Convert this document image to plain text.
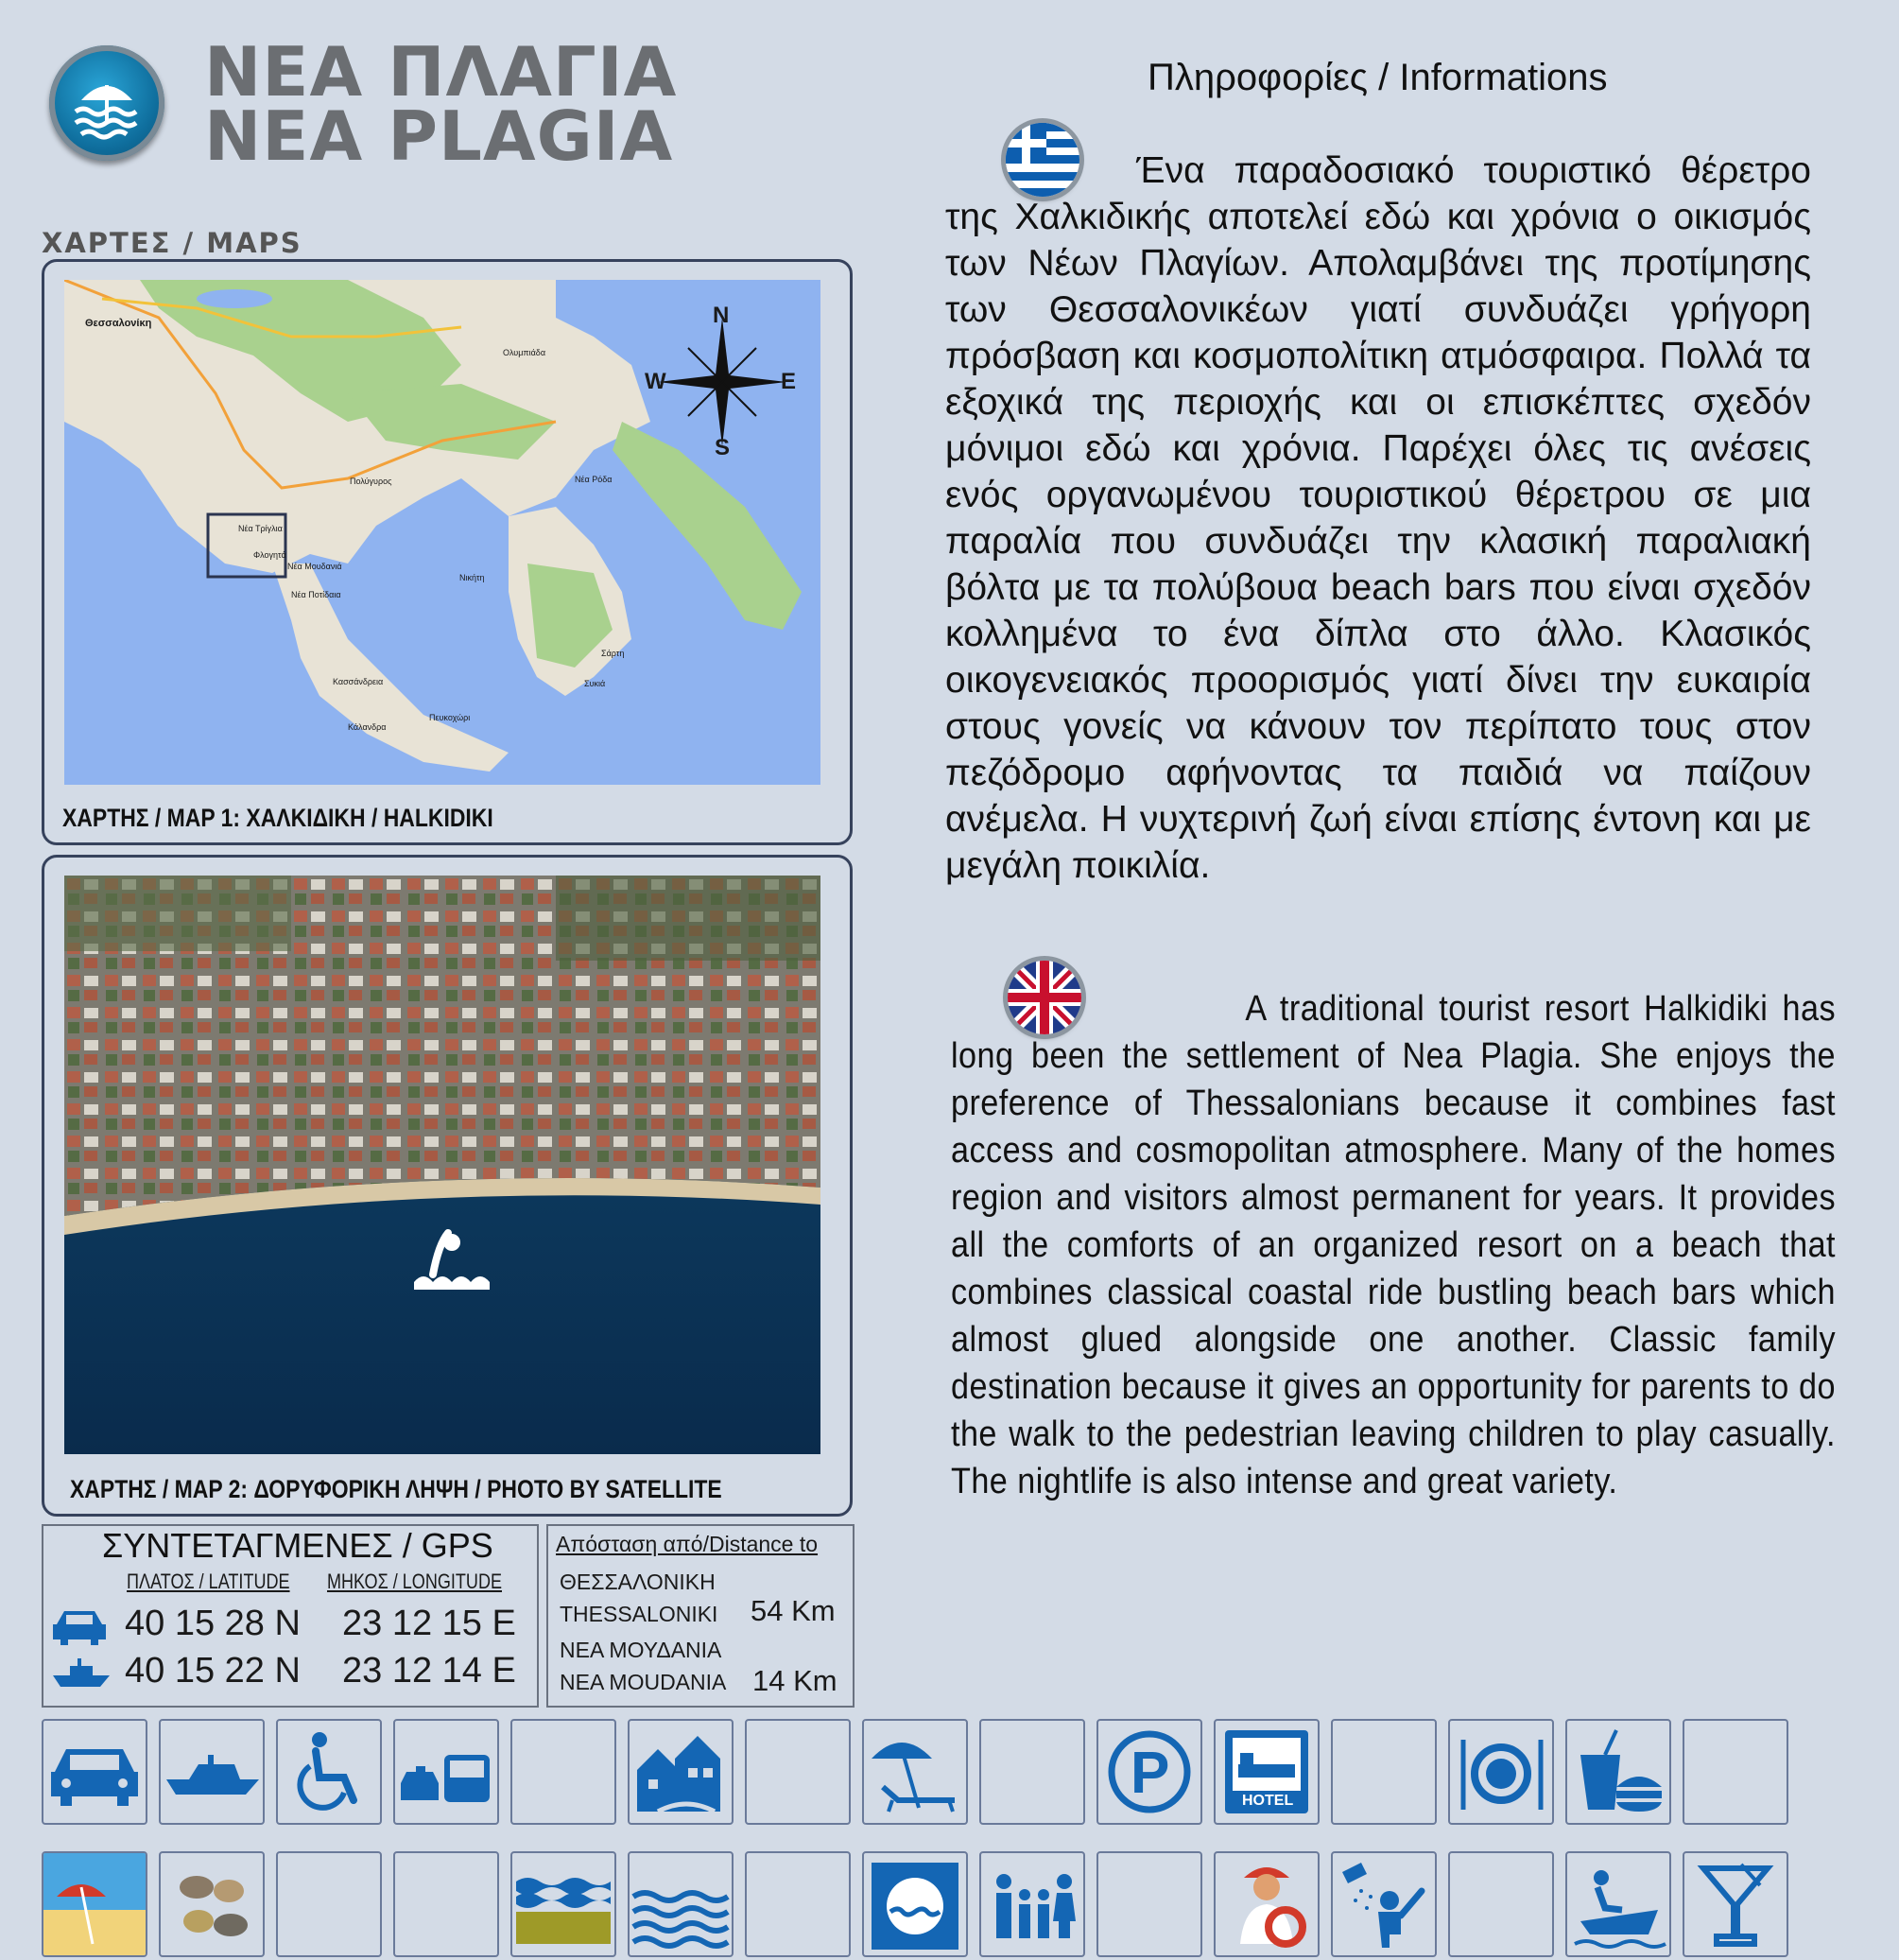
ΝΕΑ ΠΛΑΓΙΑ
NEA PLAGIA
ΧΑΡΤΕΣ / MAPS
N
S
W	E
Θεσσαλονίκη
Νέα Μουδανιά
Νέα Τρίγλια
Φλογητά
Νέα Ποτίδαια
Κασσάνδρεια
Ολυμπιάδα
Νέα Ρόδα
Σάρτη
Νικήτη
Συκιά
Πολύγυρος
Κάλανδρα
Πευκοχώρι
ΧΑΡΤΗΣ / MAP 1: ΧΑΛΚΙΔΙΚΗ / HALKIDIKI
ΧΑΡΤΗΣ / MAP 2: ΔΟΡΥΦΟΡΙΚΗ ΛΗΨΗ / PHOTO BY SATELLITE
ΣΥΝΤΕΤΑΓΜΕΝΕΣ / GPS
ΠΛΑΤΟΣ / LATITUDE ΜΗΚΟΣ / LONGITUDE
40 15 28 N 23 12 15 E
40 15 22 N 23 12 14 E
Απόσταση από/Distance to
ΘΕΣΣΑΛΟΝΙΚΗ
THESSALONIKI 54 Km
ΝΕΑ ΜΟΥΔΑΝΙΑ
NEA MOUDANIA 14 Km
Πληροφορίες / Informations
Ένα παραδοσιακό τουριστικό θέρετρο της Χαλκιδικής αποτελεί εδώ και χρόνια ο οικισμός των Νέων Πλαγίων. Απολαμβάνει της προτίμησης των Θεσσαλονικέων γιατί συνδυάζει γρήγορη πρόσβαση και κοσμοπολίτικη ατμόσφαιρα. Πολλά τα εξοχικά της περιοχής και οι επισκέπτες σχεδόν μόνιμοι εδώ και χρόνια. Παρέχει όλες τις ανέσεις ενός οργανωμένου τουριστικού θέρετρου σε μια παραλία που συνδυάζει την κλασική παραλιακή βόλτα με τα πολύβουα beach bars που είναι σχεδόν κολλημένα το ένα δίπλα στο άλλο. Κλασικός οικογενειακός προορισμός γιατί δίνει την ευκαιρία στους γονείς να κάνουν τον περίπατο τους στον πεζόδρομο αφήνοντας τα παιδιά να παίζουν ανέμελα. Η νυχτερινή ζωή είναι επίσης έντονη και με μεγάλη ποικιλία.
A traditional tourist resort Halkidiki has long been the settlement of Nea Plagia. She enjoys the preference of Thessalonians because it combines fast access and cosmopolitan atmosphere. Many of the homes region and visitors almost permanent for years. It provides all the comforts of an organized resort on a beach that combines classical coastal ride bustling beach bars which almost glued alongside one another. Classic family destination because it gives an opportunity for parents to do the walk to the pedestrian leaving children to play casually. The nightlife is also intense and great variety.
P	HOTEL
